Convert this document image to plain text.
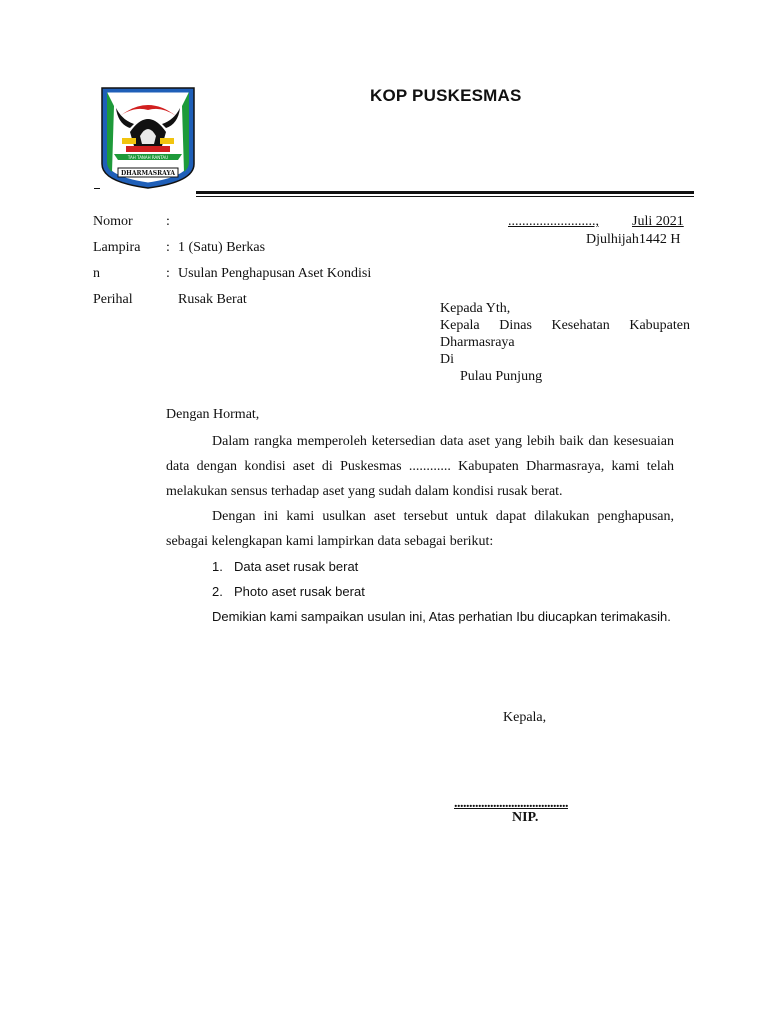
TAH TANAH RANTAU
DHARMASRAYA
KOP PUSKESMAS
Nomor :
Lampira : 1 (Satu) Berkas
n	: Usulan Penghapusan Aset Kondisi
Perihal	Rusak Berat
........................., Juli 2021
Djulhijah1442 H
Kepada Yth,
Kepala Dinas Kesehatan Kabupaten
Dharmasraya
Di
Pulau Punjung

Dengan Hormat,

Dalam rangka memperoleh ketersedian data aset yang lebih baik dan kesesuaian data dengan kondisi aset di Puskesmas ............ Kabupaten Dharmasraya, kami telah melakukan sensus terhadap aset yang sudah dalam kondisi rusak berat.

Dengan ini kami usulkan aset tersebut untuk dapat dilakukan penghapusan, sebagai kelengkapan kami lampirkan data sebagai berikut:

1. Data aset rusak berat
2. Photo aset rusak berat

Demikian kami sampaikan usulan ini, Atas perhatian Ibu diucapkan terimakasih.

Kepala,
......................................
NIP.
